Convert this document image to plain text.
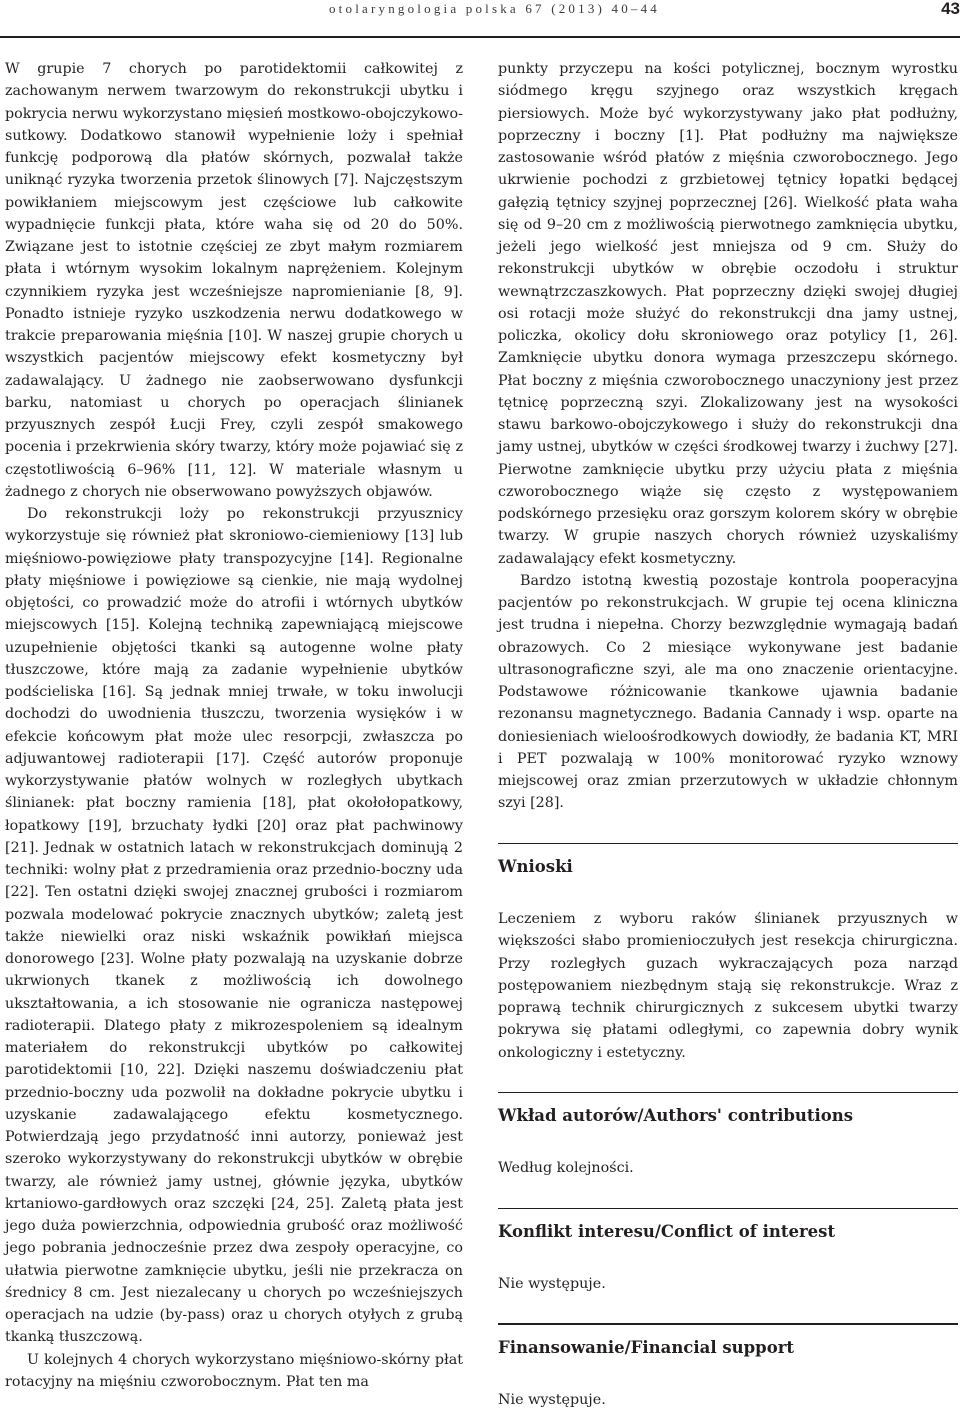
otolaryngologia polska 67 (2013) 40–44	43

W grupie 7 chorych po parotidektomii całkowitej z zachowanym nerwem twarzowym do rekonstrukcji ubytku i pokrycia nerwu wykorzystano mięsień mostkowo-obojczykowo-sutkowy. Dodatkowo stanowił wypełnienie loży i spełniał funkcję podporową dla płatów skórnych, pozwalał także uniknąć ryzyka tworzenia przetok ślinowych [7]. Najczęstszym powikłaniem miejscowym jest częściowe lub całkowite wypadnięcie funkcji płata, które waha się od 20 do 50%. Związane jest to istotnie częściej ze zbyt małym rozmiarem płata i wtórnym wysokim lokalnym naprężeniem. Kolejnym czynnikiem ryzyka jest wcześniejsze napromienianie [8, 9]. Ponadto istnieje ryzyko uszkodzenia nerwu dodatkowego w trakcie preparowania mięśnia [10]. W naszej grupie chorych u wszystkich pacjentów miejscowy efekt kosmetyczny był zadawalający. U żadnego nie zaobserwowano dysfunkcji barku, natomiast u chorych po operacjach ślinianek przyusznych zespół Łucji Frey, czyli zespół smakowego pocenia i przekrwienia skóry twarzy, który może pojawiać się z częstotliwością 6–96% [11, 12]. W materiale własnym u żadnego z chorych nie obserwowano powyższych objawów.

Do rekonstrukcji loży po rekonstrukcji przyusznicy wykorzystuje się również płat skroniowo-ciemieniowy [13] lub mięśniowo-powięziowe płaty transpozycyjne [14]. Regionalne płaty mięśniowe i powięziowe są cienkie, nie mają wydolnej objętości, co prowadzić może do atrofii i wtórnych ubytków miejscowych [15]. Kolejną techniką zapewniającą miejscowe uzupełnienie objętości tkanki są autogenne wolne płaty tłuszczowe, które mają za zadanie wypełnienie ubytków podścieliska [16]. Są jednak mniej trwałe, w toku inwolucji dochodzi do uwodnienia tłuszczu, tworzenia wysięków i w efekcie końcowym płat może ulec resorpcji, zwłaszcza po adjuwantowej radioterapii [17]. Część autorów proponuje wykorzystywanie płatów wolnych w rozległych ubytkach ślinianek: płat boczny ramienia [18], płat okołołopatkowy, łopatkowy [19], brzuchaty łydki [20] oraz płat pachwinowy [21]. Jednak w ostatnich latach w rekonstrukcjach dominują 2 techniki: wolny płat z przedramienia oraz przednio-boczny uda [22]. Ten ostatni dzięki swojej znacznej grubości i rozmiarom pozwala modelować pokrycie znacznych ubytków; zaletą jest także niewielki oraz niski wskaźnik powikłań miejsca donorowego [23]. Wolne płaty pozwalają na uzyskanie dobrze ukrwionych tkanek z możliwością ich dowolnego ukształtowania, a ich stosowanie nie ogranicza następowej radioterapii. Dlatego płaty z mikrozespoleniem są idealnym materiałem do rekonstrukcji ubytków po całkowitej parotidektomii [10, 22]. Dzięki naszemu doświadczeniu płat przednio-boczny uda pozwolił na dokładne pokrycie ubytku i uzyskanie zadawalającego efektu kosmetycznego. Potwierdzają jego przydatność inni autorzy, ponieważ jest szeroko wykorzystywany do rekonstrukcji ubytków w obrębie twarzy, ale również jamy ustnej, głównie języka, ubytków krtaniowo-gardłowych oraz szczęki [24, 25]. Zaletą płata jest jego duża powierzchnia, odpowiednia grubość oraz możliwość jego pobrania jednocześnie przez dwa zespoły operacyjne, co ułatwia pierwotne zamknięcie ubytku, jeśli nie przekracza on średnicy 8 cm. Jest niezalecany u chorych po wcześniejszych operacjach na udzie (by-pass) oraz u chorych otyłych z grubą tkanką tłuszczową.

U kolejnych 4 chorych wykorzystano mięśniowo-skórny płat rotacyjny na mięśniu czworobocznym. Płat ten ma

punkty przyczepu na kości potylicznej, bocznym wyrostku siódmego kręgu szyjnego oraz wszystkich kręgach piersiowych. Może być wykorzystywany jako płat podłużny, poprzeczny i boczny [1]. Płat podłużny ma największe zastosowanie wśród płatów z mięśnia czworobocznego. Jego ukrwienie pochodzi z grzbietowej tętnicy łopatki będącej gałęzią tętnicy szyjnej poprzecznej [26]. Wielkość płata waha się od 9–20 cm z możliwością pierwotnego zamknięcia ubytku, jeżeli jego wielkość jest mniejsza od 9 cm. Służy do rekonstrukcji ubytków w obrębie oczodołu i struktur wewnątrzczaszkowych. Płat poprzeczny dzięki swojej długiej osi rotacji może służyć do rekonstrukcji dna jamy ustnej, policzka, okolicy dołu skroniowego oraz potylicy [1, 26]. Zamknięcie ubytku donora wymaga przeszczepu skórnego. Płat boczny z mięśnia czworobocznego unaczyniony jest przez tętnicę poprzeczną szyi. Zlokalizowany jest na wysokości stawu barkowo-obojczykowego i służy do rekonstrukcji dna jamy ustnej, ubytków w części środkowej twarzy i żuchwy [27]. Pierwotne zamknięcie ubytku przy użyciu płata z mięśnia czworobocznego wiąże się często z występowaniem podskórnego przesięku oraz gorszym kolorem skóry w obrębie twarzy. W grupie naszych chorych również uzyskaliśmy zadawalający efekt kosmetyczny.

Bardzo istotną kwestią pozostaje kontrola pooperacyjna pacjentów po rekonstrukcjach. W grupie tej ocena kliniczna jest trudna i niepełna. Chorzy bezwzględnie wymagają badań obrazowych. Co 2 miesiące wykonywane jest badanie ultrasonograficzne szyi, ale ma ono znaczenie orientacyjne. Podstawowe różnicowanie tkankowe ujawnia badanie rezonansu magnetycznego. Badania Cannady i wsp. oparte na doniesieniach wieloośrodkowych dowiodły, że badania KT, MRI i PET pozwalają w 100% monitorować ryzyko wznowy miejscowej oraz zmian przerzutowych w układzie chłonnym szyi [28].

Wnioski

Leczeniem z wyboru raków ślinianek przyusznych w większości słabo promienioczułych jest resekcja chirurgiczna. Przy rozległych guzach wykraczających poza narząd postępowaniem niezbędnym stają się rekonstrukcje. Wraz z poprawą technik chirurgicznych z sukcesem ubytki twarzy pokrywa się płatami odległymi, co zapewnia dobry wynik onkologiczny i estetyczny.

Wkład autorów/Authors' contributions

Według kolejności.

Konflikt interesu/Conflict of interest

Nie występuje.

Finansowanie/Financial support

Nie występuje.
